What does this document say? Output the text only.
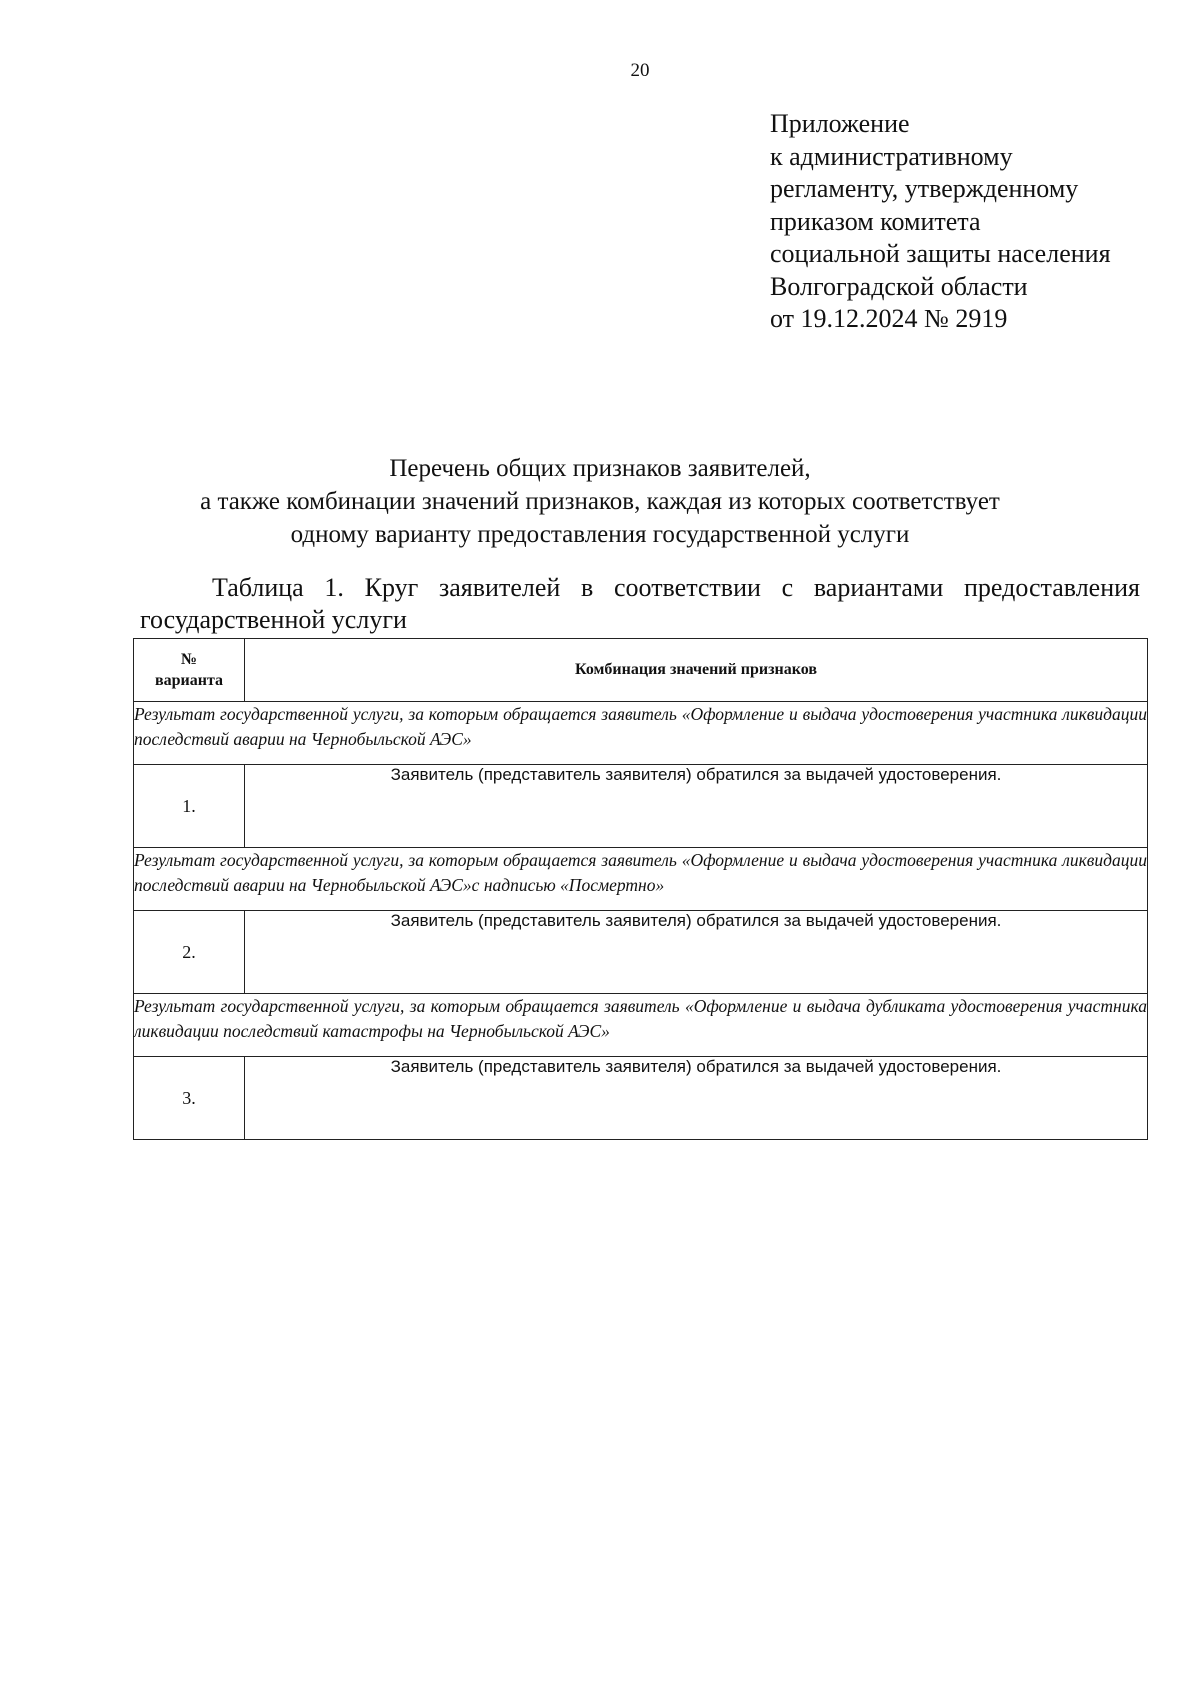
20
Приложение
к административному
регламенту, утвержденному
приказом комитета
социальной защиты населения
Волгоградской области
от 19.12.2024 № 2919
Перечень общих признаков заявителей,
а также комбинации значений признаков, каждая из которых соответствует
одному варианту предоставления государственной услуги
Таблица 1. Круг заявителей в соответствии с вариантами предоставления
государственной услуги
№
варианта	Комбинация значений признаков
Результат государственной услуги, за которым обращается заявитель «Оформление и выдача удостоверения участника ликвидации последствий аварии на Чернобыльской АЭС»	
1.	Заявитель (представитель заявителя) обратился за выдачей удостоверения.
Результат государственной услуги, за которым обращается заявитель «Оформление и выдача удостоверения участника ликвидации последствий аварии на Чернобыльской АЭС»с надписью «Посмертно»	
2.	Заявитель (представитель заявителя) обратился за выдачей удостоверения.
Результат государственной услуги, за которым обращается заявитель «Оформление и выдача дубликата удостоверения участника ликвидации последствий катастрофы на Чернобыльской АЭС»	
3.	Заявитель (представитель заявителя) обратился за выдачей удостоверения.
